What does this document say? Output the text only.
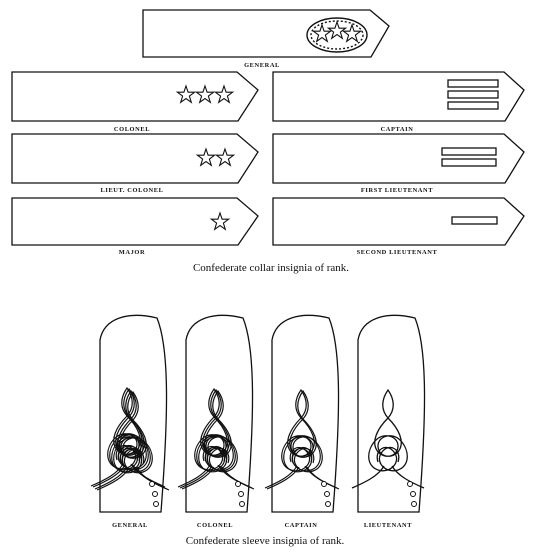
GENERAL
COLONEL	CAPTAIN
LIEUT. COLONEL	FIRST LIEUTENANT
MAJOR	SECOND LIEUTENANT
Confederate collar insignia of rank.
GENERAL	COLONEL	CAPTAIN	LIEUTENANT
Confederate sleeve insignia of rank.
